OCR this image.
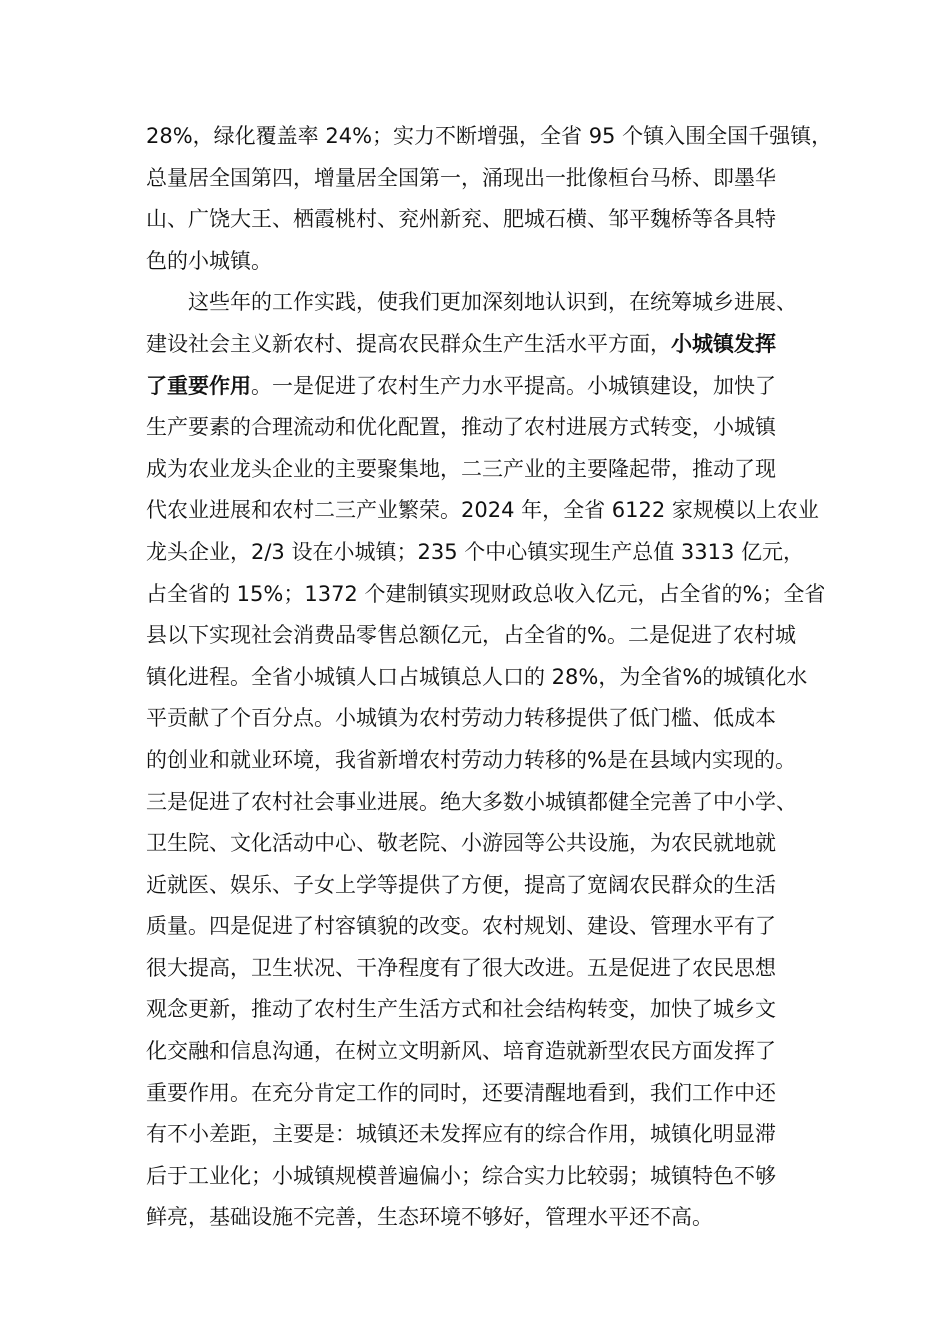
28%，绿化覆盖率 24%；实力不断增强，全省 95 个镇入围全国千强镇，
总量居全国第四，增量居全国第一，涌现出一批像桓台马桥、即墨华
山、广饶大王、栖霞桃村、兖州新兖、肥城石横、邹平魏桥等各具特
色的小城镇。
这些年的工作实践，使我们更加深刻地认识到，在统筹城乡进展、
建设社会主义新农村、提高农民群众生产生活水平方面，小城镇发挥
了重要作用。一是促进了农村生产力水平提高。小城镇建设，加快了
生产要素的合理流动和优化配置，推动了农村进展方式转变，小城镇
成为农业龙头企业的主要聚集地，二三产业的主要隆起带，推动了现
代农业进展和农村二三产业繁荣。2024 年，全省 6122 家规模以上农业
龙头企业，2/3 设在小城镇；235 个中心镇实现生产总值 3313 亿元，
占全省的 15%；1372 个建制镇实现财政总收入亿元，占全省的%；全省
县以下实现社会消费品零售总额亿元，占全省的%。二是促进了农村城
镇化进程。全省小城镇人口占城镇总人口的 28%，为全省%的城镇化水
平贡献了个百分点。小城镇为农村劳动力转移提供了低门槛、低成本
的创业和就业环境，我省新增农村劳动力转移的%是在县域内实现的。
三是促进了农村社会事业进展。绝大多数小城镇都健全完善了中小学、
卫生院、文化活动中心、敬老院、小游园等公共设施，为农民就地就
近就医、娱乐、子女上学等提供了方便，提高了宽阔农民群众的生活
质量。四是促进了村容镇貌的改变。农村规划、建设、管理水平有了
很大提高，卫生状况、干净程度有了很大改进。五是促进了农民思想
观念更新，推动了农村生产生活方式和社会结构转变，加快了城乡文
化交融和信息沟通，在树立文明新风、培育造就新型农民方面发挥了
重要作用。在充分肯定工作的同时，还要清醒地看到，我们工作中还
有不小差距，主要是：城镇还未发挥应有的综合作用，城镇化明显滞
后于工业化；小城镇规模普遍偏小；综合实力比较弱；城镇特色不够
鲜亮，基础设施不完善，生态环境不够好，管理水平还不高。
